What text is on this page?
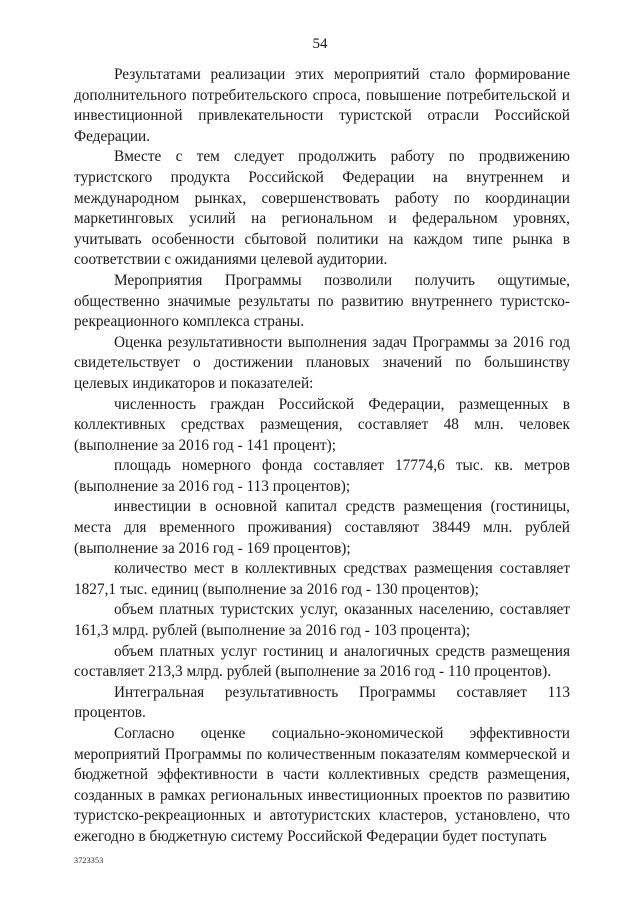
54

Результатами реализации этих мероприятий стало формирование дополнительного потребительского спроса, повышение потребительской и инвестиционной привлекательности туристской отрасли Российской Федерации.

Вместе с тем следует продолжить работу по продвижению туристского продукта Российской Федерации на внутреннем и международном рынках, совершенствовать работу по координации маркетинговых усилий на региональном и федеральном уровнях, учитывать особенности сбытовой политики на каждом типе рынка в соответствии с ожиданиями целевой аудитории.

Мероприятия Программы позволили получить ощутимые, общественно значимые результаты по развитию внутреннего туристско-рекреационного комплекса страны.

Оценка результативности выполнения задач Программы за 2016 год свидетельствует о достижении плановых значений по большинству целевых индикаторов и показателей:

численность граждан Российской Федерации, размещенных в коллективных средствах размещения, составляет 48 млн. человек (выполнение за 2016 год - 141 процент);

площадь номерного фонда составляет 17774,6 тыс. кв. метров (выполнение за 2016 год - 113 процентов);

инвестиции в основной капитал средств размещения (гостиницы, места для временного проживания) составляют 38449 млн. рублей (выполнение за 2016 год - 169 процентов);

количество мест в коллективных средствах размещения составляет 1827,1 тыс. единиц (выполнение за 2016 год - 130 процентов);

объем платных туристских услуг, оказанных населению, составляет 161,3 млрд. рублей (выполнение за 2016 год - 103 процента);

объем платных услуг гостиниц и аналогичных средств размещения составляет 213,3 млрд. рублей (выполнение за 2016 год - 110 процентов).

Интегральная результативность Программы составляет 113 процентов.

Согласно оценке социально-экономической эффективности мероприятий Программы по количественным показателям коммерческой и бюджетной эффективности в части коллективных средств размещения, созданных в рамках региональных инвестиционных проектов по развитию туристско-рекреационных и автотуристских кластеров, установлено, что ежегодно в бюджетную систему Российской Федерации будет поступать

3723353
